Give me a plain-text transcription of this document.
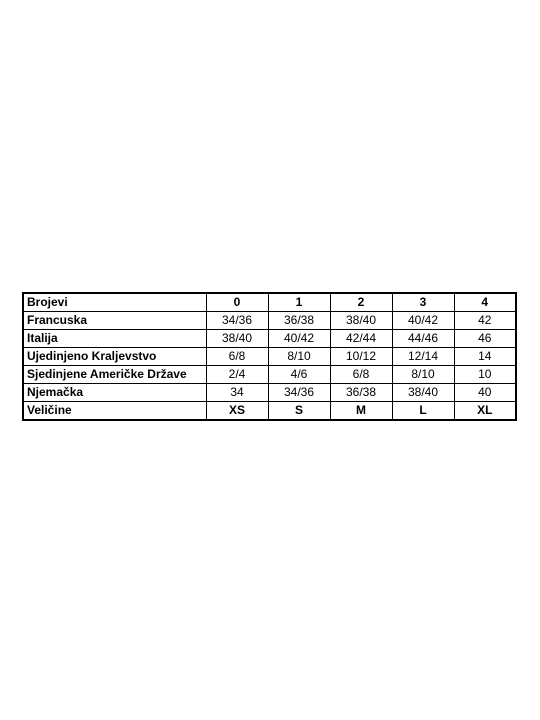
Brojevi	0	1	2	3	4
Francuska	34/36	36/38	38/40	40/42	42
Italija	38/40	40/42	42/44	44/46	46
Ujedinjeno Kraljevstvo	6/8	8/10	10/12	12/14	14
Sjedinjene Američke Države	2/4	4/6	6/8	8/10	10
Njemačka	34	34/36	36/38	38/40	40
Veličine	XS	S	M	L	XL
